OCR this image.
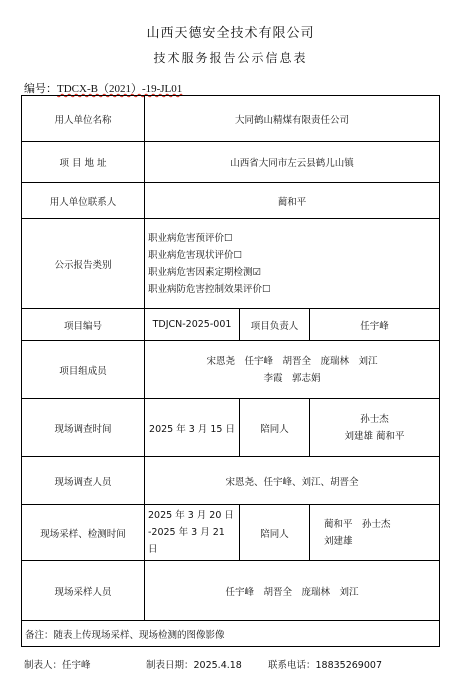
山西天德安全技术有限公司
技术服务报告公示信息表
编号：TDCX-B（2021）-19-JL01
用人单位名称	大同鹤山精煤有限责任公司		
项 目 地 址	山西省大同市左云县鹤儿山镇		
用人单位联系人	蔺和平		
公示报告类别	职业病危害预评价☐
职业病危害现状评价☐
职业病危害因素定期检测☑
职业病防危害控制效果评价☐		

项目编号	TDJCN-2025-001	项目负责人	任宇峰
项目组成员	宋恩尧　任宇峰　胡晋全　庞瑞林　刘江
李霞　郭志娟		

现场调查时间	2025 年 3 月 15 日	陪同人	孙士杰
刘建雄 蔺和平

现场调查人员	宋恩尧、任宇峰、刘江、胡晋全		
现场采样、检测时间	2025 年 3 月 20 日
-2025 年 3 月 21 日	陪同人	蔺和平　孙士杰
刘建雄

现场采样人员	任宇峰　胡晋全　庞瑞林　刘江		
备注：随表上传现场采样、现场检测的图像影像			
制表人：任宇峰	制表日期：2025.4.18	联系电话：18835269007
